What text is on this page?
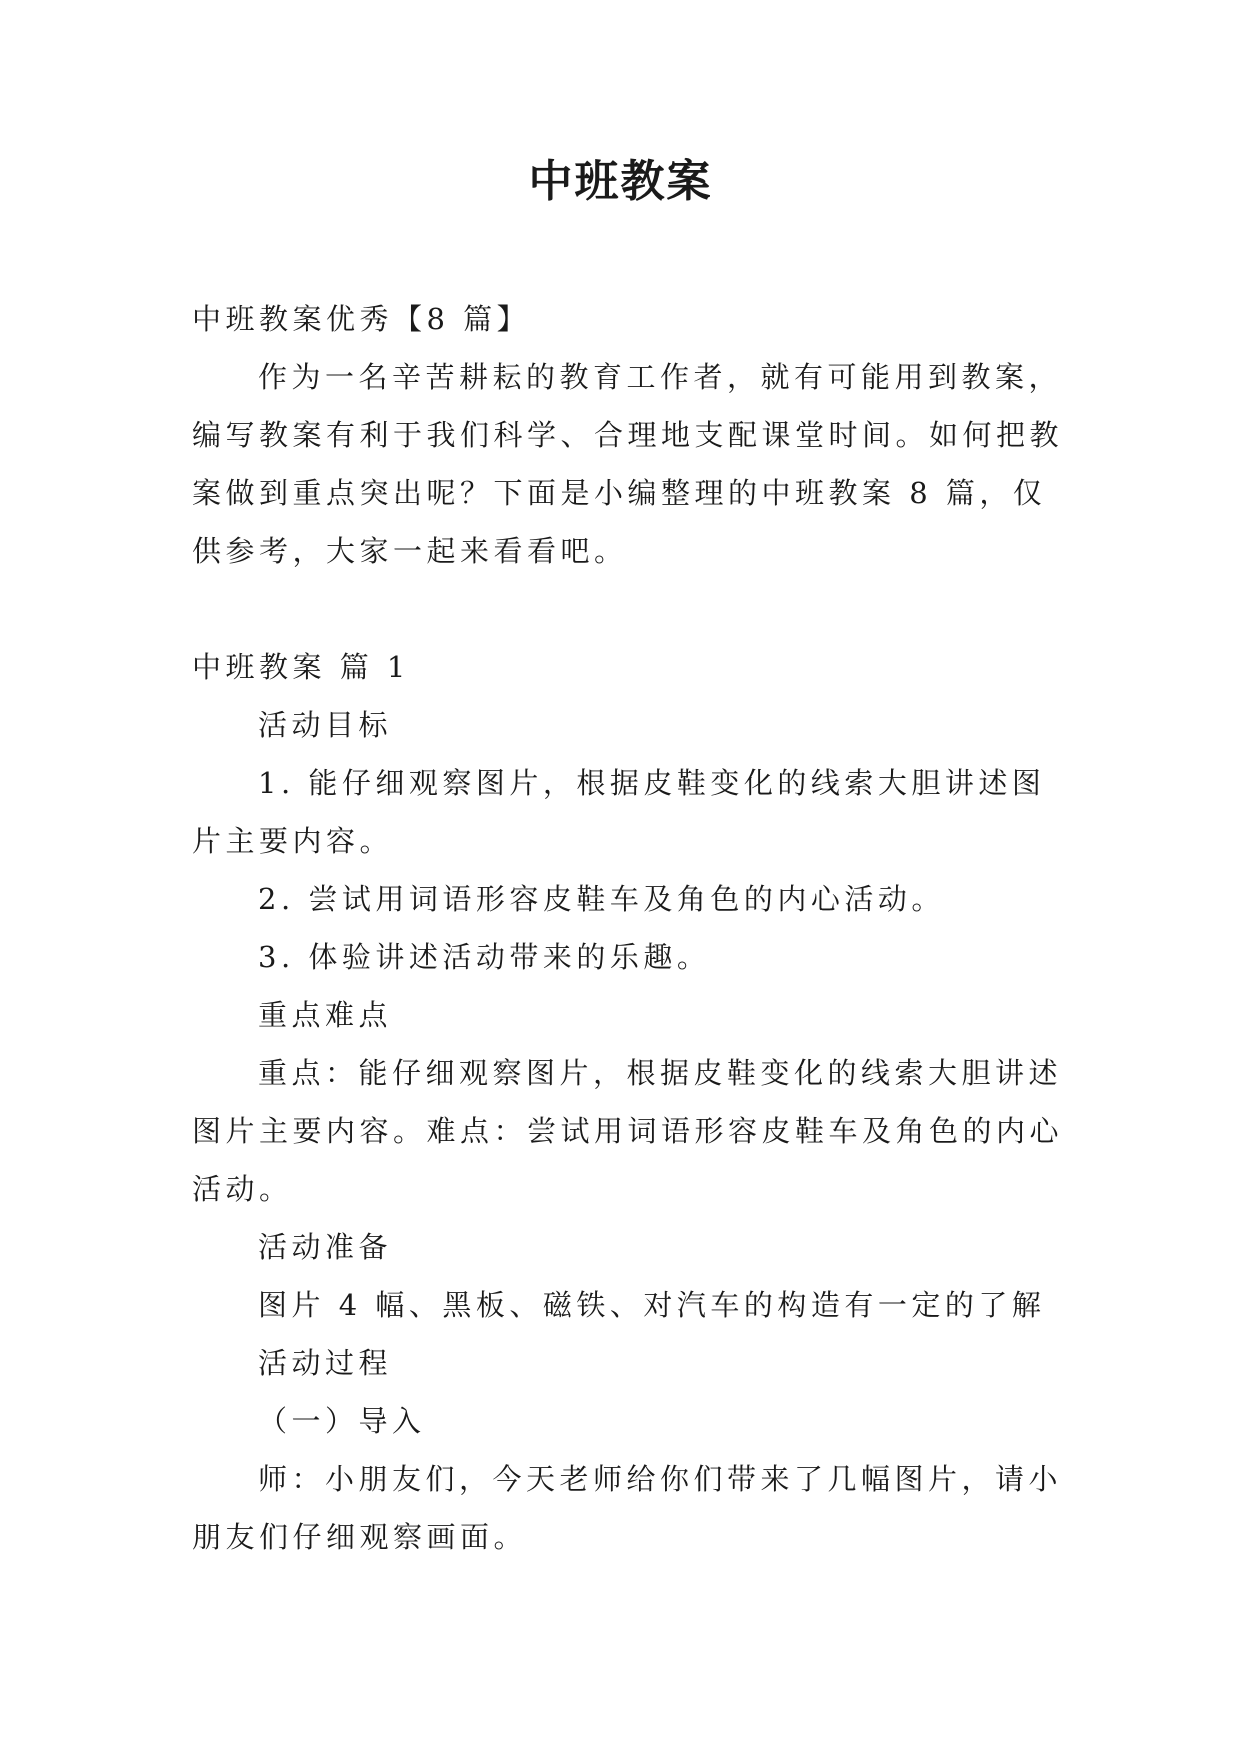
中班教案

中班教案优秀【8 篇】

作为一名辛苦耕耘的教育工作者，就有可能用到教案，编写教案有利于我们科学、合理地支配课堂时间。如何把教案做到重点突出呢？下面是小编整理的中班教案 8 篇，仅供参考，大家一起来看看吧。

中班教案 篇 1

活动目标

1. 能仔细观察图片，根据皮鞋变化的线索大胆讲述图片主要内容。

2. 尝试用词语形容皮鞋车及角色的内心活动。

3. 体验讲述活动带来的乐趣。

重点难点

重点：能仔细观察图片，根据皮鞋变化的线索大胆讲述图片主要内容。难点：尝试用词语形容皮鞋车及角色的内心活动。

活动准备

图片 4 幅、黑板、磁铁、对汽车的构造有一定的了解

活动过程

（一）导入

师：小朋友们，今天老师给你们带来了几幅图片，请小朋友们仔细观察画面。
